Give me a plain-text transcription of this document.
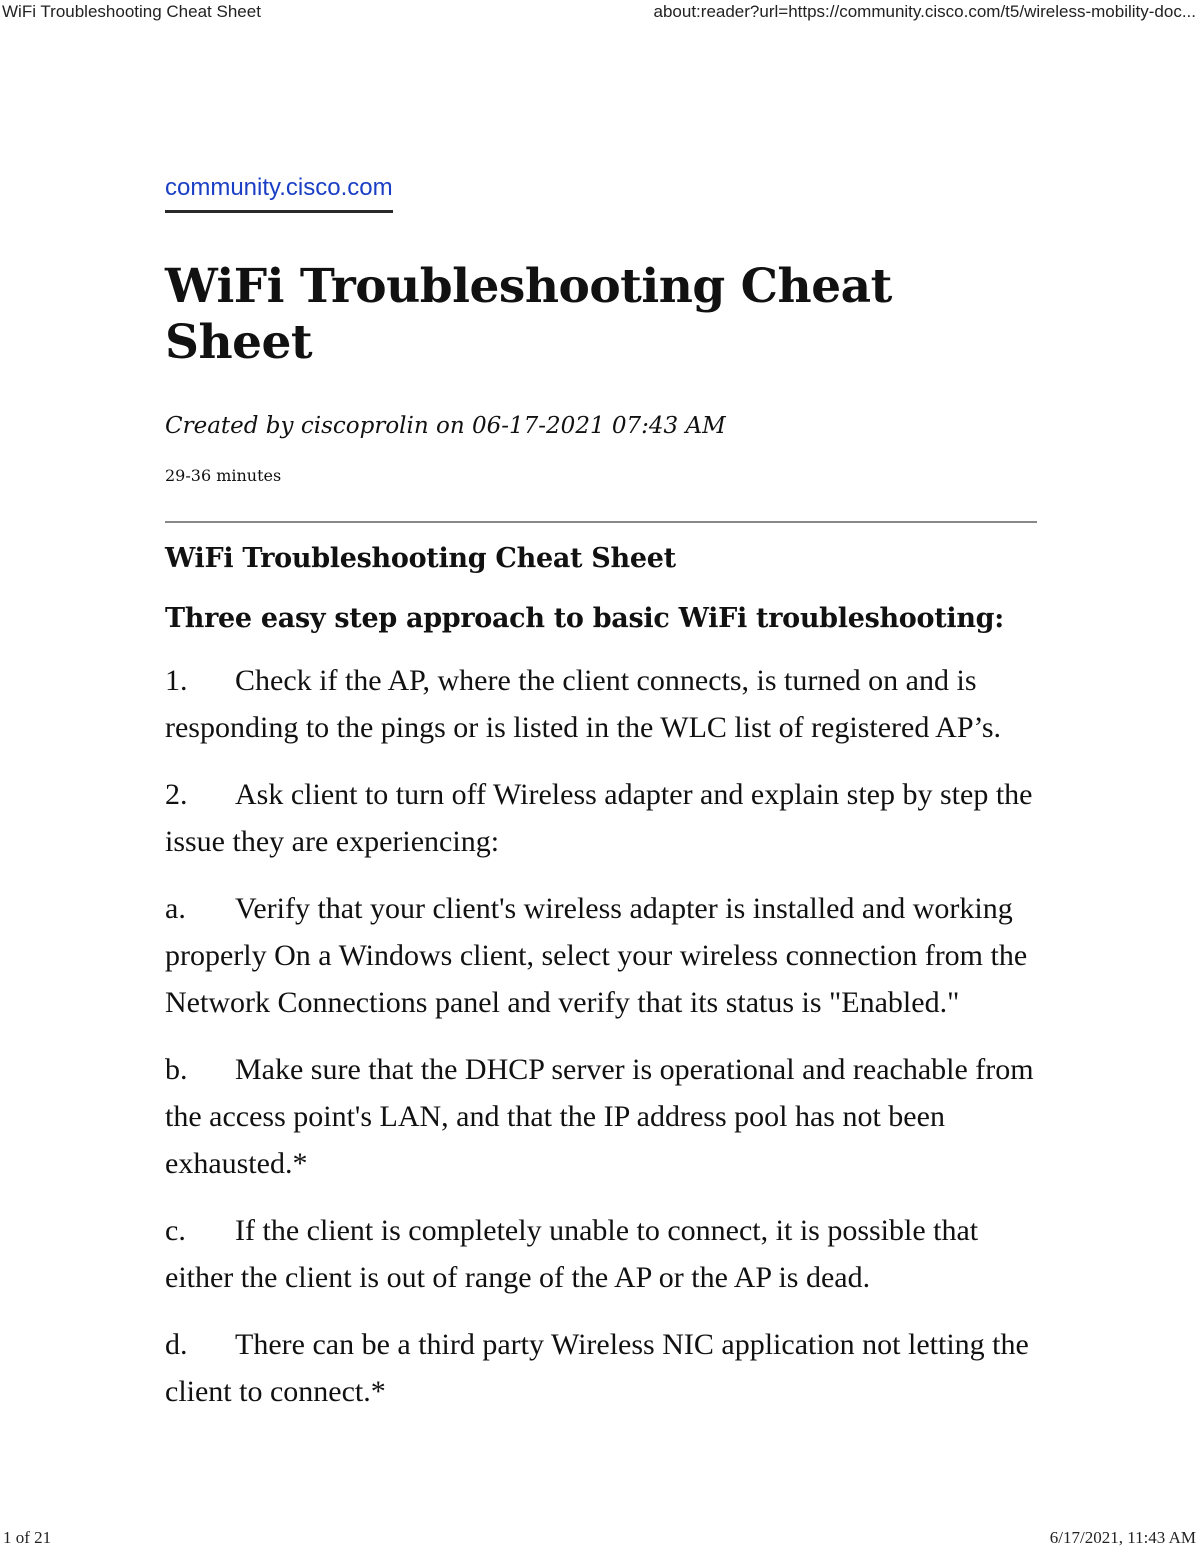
WiFi Troubleshooting Cheat Sheet	about:reader?url=https://community.cisco.com/t5/wireless-mobility-doc...
community.cisco.com
WiFi Troubleshooting Cheat Sheet
Created by ciscoprolin on 06-17-2021 07:43 AM
29-36 minutes
WiFi Troubleshooting Cheat Sheet
Three easy step approach to basic WiFi troubleshooting:

1. Check if the AP, where the client connects, is turned on and is responding to the pings or is listed in the WLC list of registered AP’s.

2. Ask client to turn off Wireless adapter and explain step by step the issue they are experiencing:

a. Verify that your client's wireless adapter is installed and working properly On a Windows client, select your wireless connection from the Network Connections panel and verify that its status is "Enabled."

b. Make sure that the DHCP server is operational and reachable from the access point's LAN, and that the IP address pool has not been exhausted.*

c. If the client is completely unable to connect, it is possible that either the client is out of range of the AP or the AP is dead.

d. There can be a third party Wireless NIC application not letting the client to connect.*

1 of 21	6/17/2021, 11:43 AM
